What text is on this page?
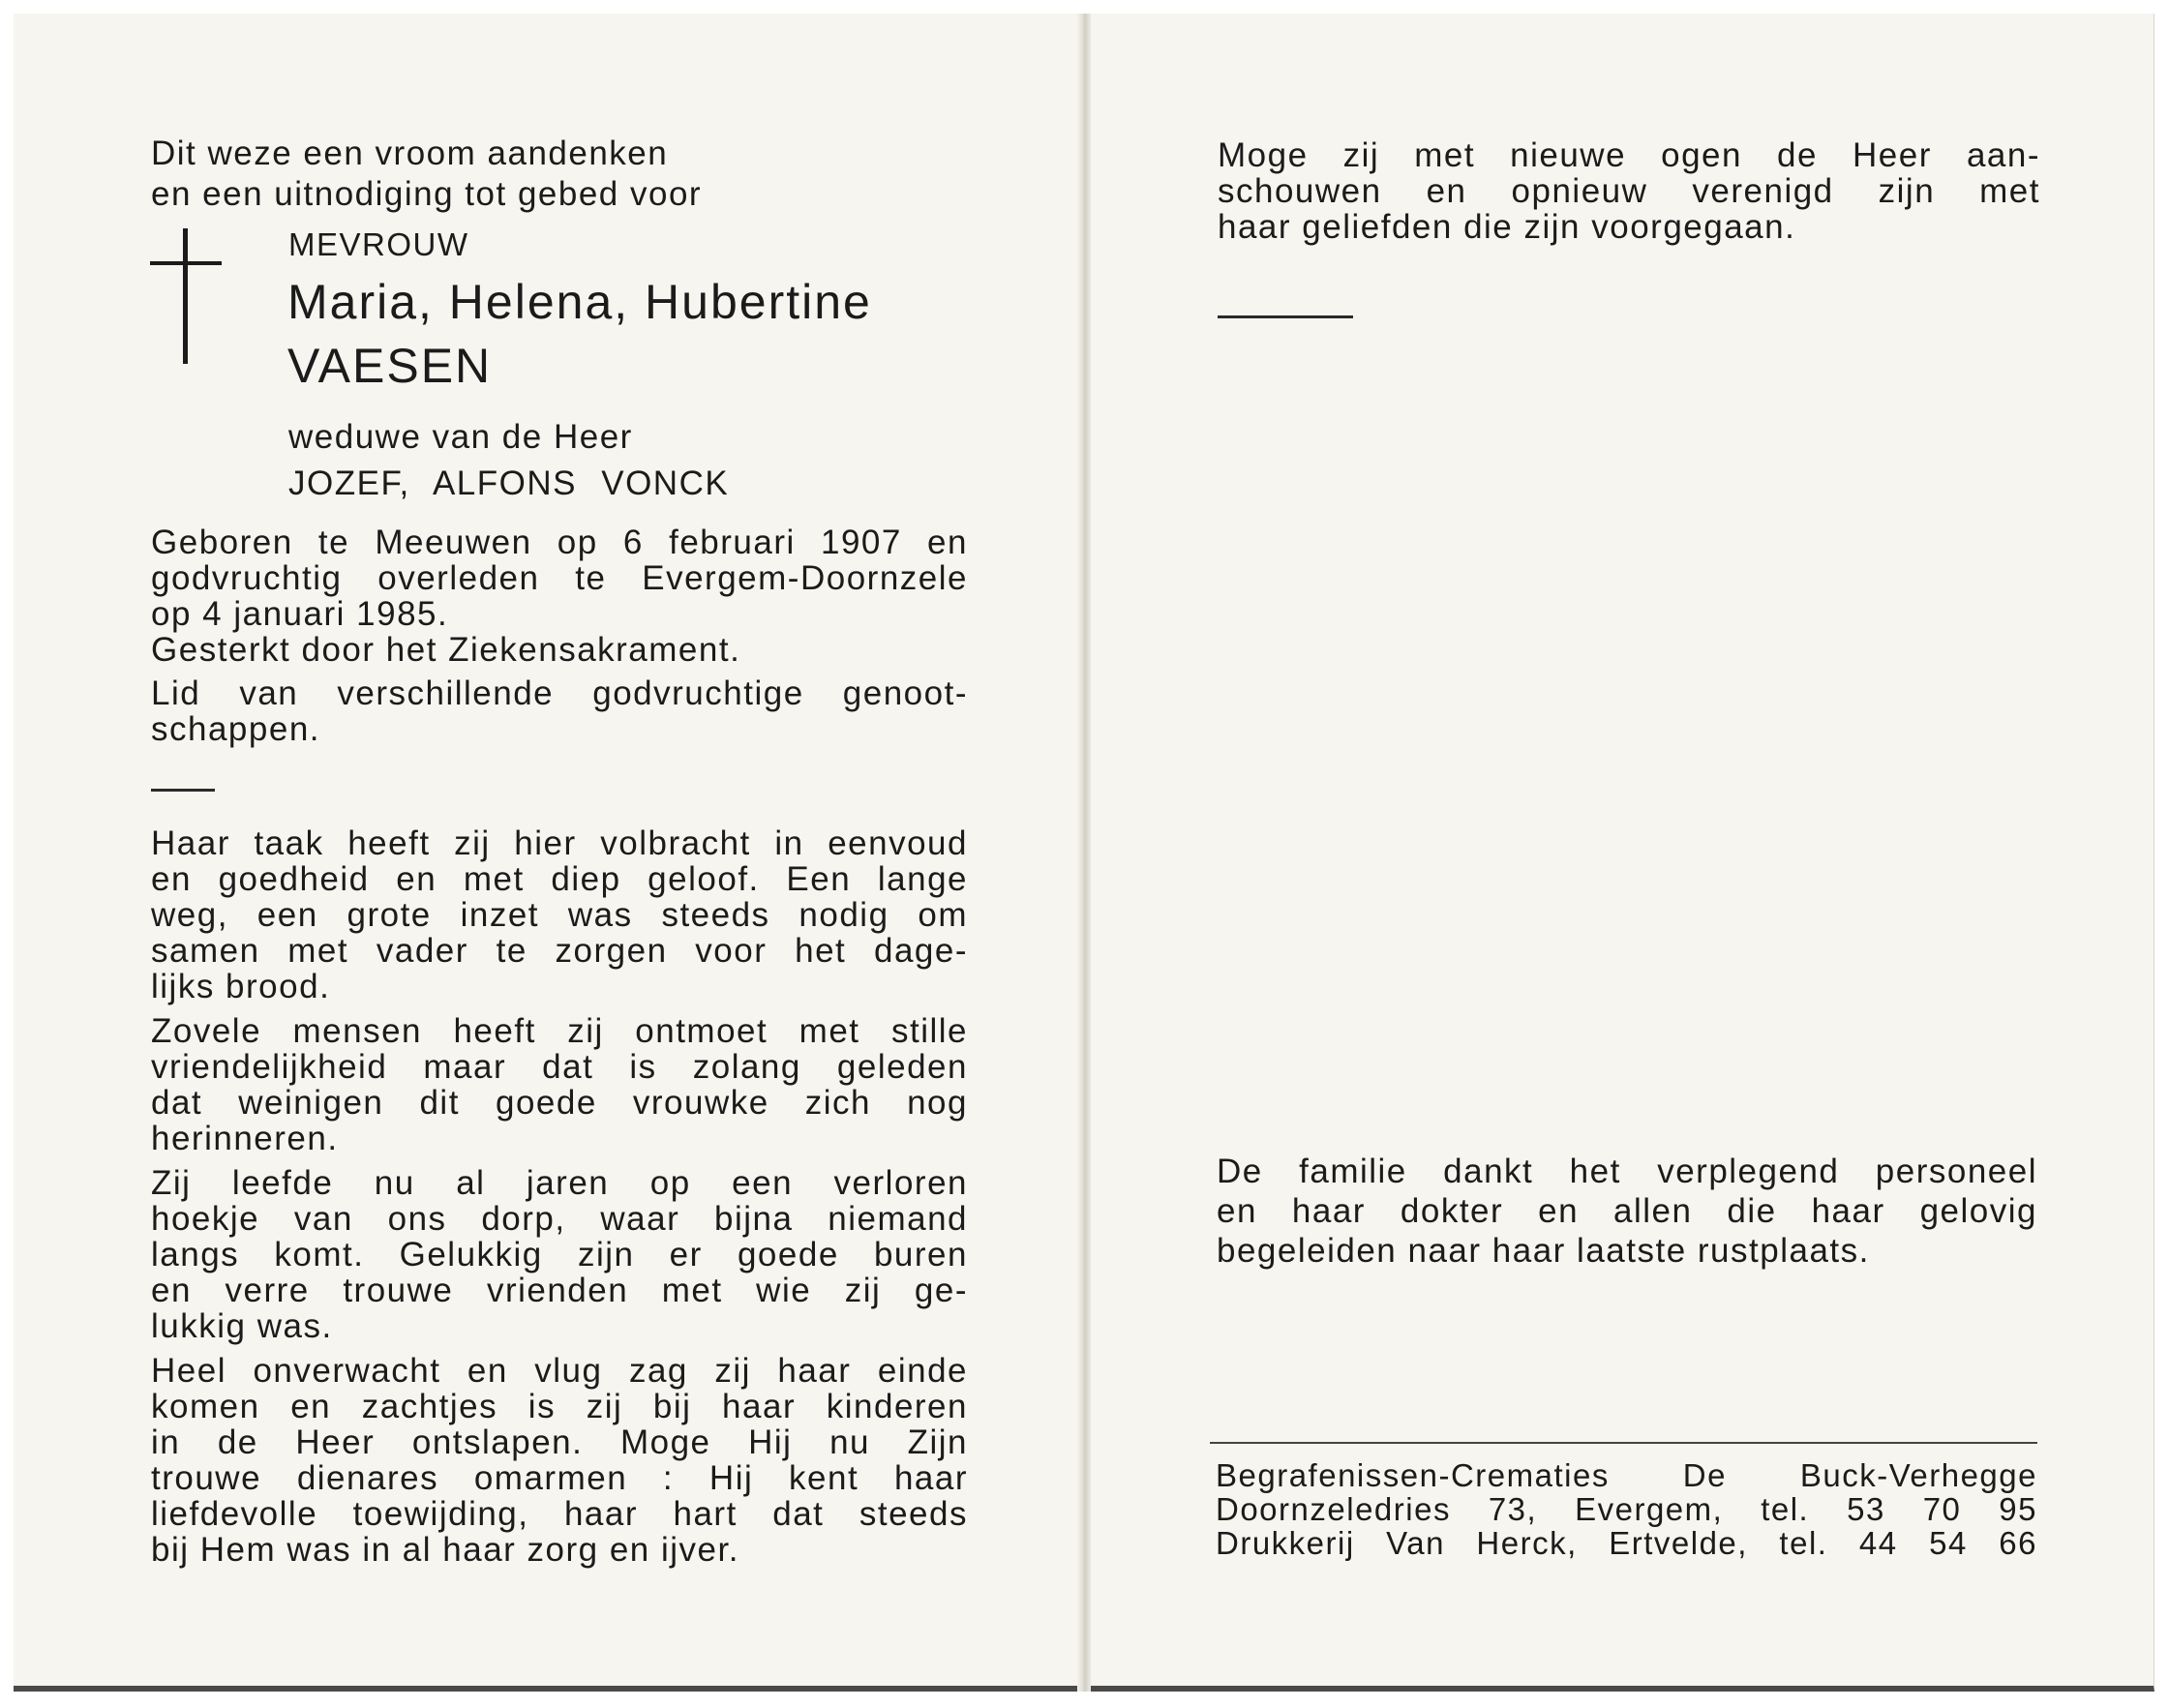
Dit weze een vroom aandenken
en een uitnodiging tot gebed voor
MEVROUW
Maria, Helena, Hubertine
VAESEN
weduwe van de Heer
JOZEF, ALFONS VONCK
Geboren te Meeuwen op 6 februari 1907 en
godvruchtig overleden te Evergem-Doornzele
op 4 januari 1985.
Gesterkt door het Ziekensakrament.
Lid van verschillende godvruchtige genoot-
schappen.
Haar taak heeft zij hier volbracht in eenvoud
en goedheid en met diep geloof. Een lange
weg, een grote inzet was steeds nodig om
samen met vader te zorgen voor het dage-
lijks brood.
Zovele mensen heeft zij ontmoet met stille
vriendelijkheid maar dat is zolang geleden
dat weinigen dit goede vrouwke zich nog
herinneren.
Zij leefde nu al jaren op een verloren
hoekje van ons dorp, waar bijna niemand
langs komt. Gelukkig zijn er goede buren
en verre trouwe vrienden met wie zij ge-
lukkig was.
Heel onverwacht en vlug zag zij haar einde
komen en zachtjes is zij bij haar kinderen
in de Heer ontslapen. Moge Hij nu Zijn
trouwe dienares omarmen : Hij kent haar
liefdevolle toewijding, haar hart dat steeds
bij Hem was in al haar zorg en ijver.
Moge zij met nieuwe ogen de Heer aan-
schouwen en opnieuw verenigd zijn met
haar geliefden die zijn voorgegaan.
De familie dankt het verplegend personeel
en haar dokter en allen die haar gelovig
begeleiden naar haar laatste rustplaats.
Begrafenissen-Crematies De Buck-Verhegge
Doornzeledries 73, Evergem, tel. 53 70 95
Drukkerij Van Herck, Ertvelde, tel. 44 54 66
